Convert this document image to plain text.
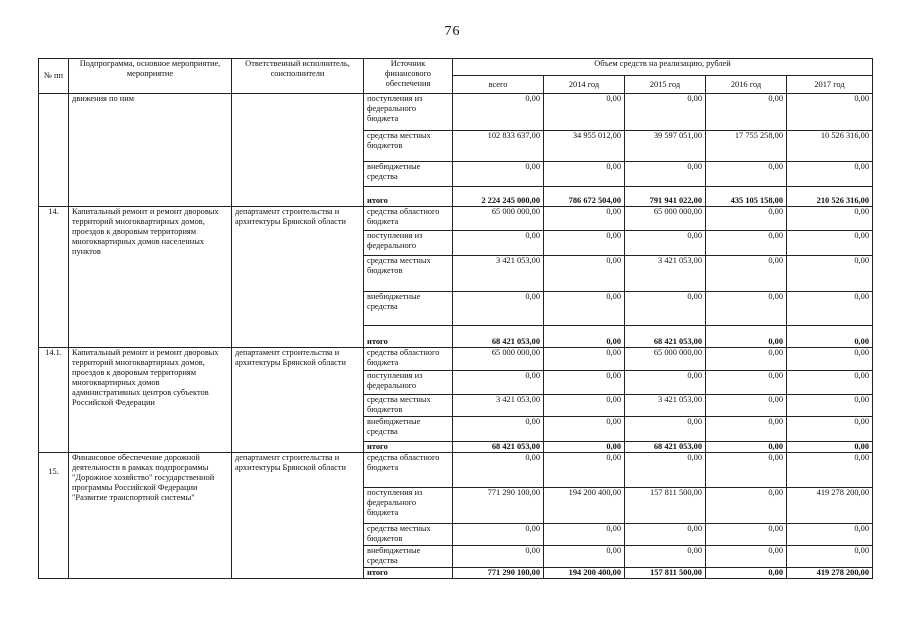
76
№ пп	Подпрограмма, основное мероприятие, мероприятие	Ответственный исполнитель, соисполнители	Источник финансового обеспечения	Объем средств на реализацию, рублей				
				всего	2014 год	2015 год	2016 год	2017 год
	движения по ним		поступления из федерального бюджета	0,00	0,00	0,00	0,00	0,00
			средства местных бюджетов	102 833 637,00	34 955 012,00	39 597 051,00	17 755 258,00	10 526 316,00
			внебюджетные средства	0,00	0,00	0,00	0,00	0,00
			итого	2 224 245 000,00	786 672 504,00	791 941 022,00	435 105 158,00	210 526 316,00
14.	Капитальный ремонт и ремонт дворовых территорий многоквартирных домов, проездов к дворовым территориям многоквартирных домов населенных пунктов	департамент строительства и архитектуры Брянской области	средства областного бюджета	65 000 000,00	0,00	65 000 000,00	0,00	0,00
			поступления из федерального	0,00	0,00	0,00	0,00	0,00
			средства местных бюджетов	3 421 053,00	0,00	3 421 053,00	0,00	0,00
			внебюджетные средства	0,00	0,00	0,00	0,00	0,00
			итого	68 421 053,00	0,00	68 421 053,00	0,00	0,00
14.1.	Капитальный ремонт и ремонт дворовых территорий многоквартирных домов, проездов к дворовым территориям многоквартирных домов административных центров субъектов Российской Федерации	департамент строительства и архитектуры Брянской области	средства областного бюджета	65 000 000,00	0,00	65 000 000,00	0,00	0,00
			поступления из федерального	0,00	0,00	0,00	0,00	0,00
			средства местных бюджетов	3 421 053,00	0,00	3 421 053,00	0,00	0,00
			внебюджетные средства	0,00	0,00	0,00	0,00	0,00
			итого	68 421 053,00	0,00	68 421 053,00	0,00	0,00
15.	Финансовое обеспечение дорожной деятельности в рамках подпрограммы "Дорожное хозяйство" государственной программы Российской Федерации "Развитие транспортной системы"	департамент строительства и архитектуры Брянской области	средства областного бюджета	0,00	0,00	0,00	0,00	0,00
			поступления из федерального бюджета	771 290 100,00	194 200 400,00	157 811 500,00	0,00	419 278 200,00
			средства местных бюджетов	0,00	0,00	0,00	0,00	0,00
			внебюджетные средства	0,00	0,00	0,00	0,00	0,00
			итого	771 290 100,00	194 200 400,00	157 811 500,00	0,00	419 278 200,00
